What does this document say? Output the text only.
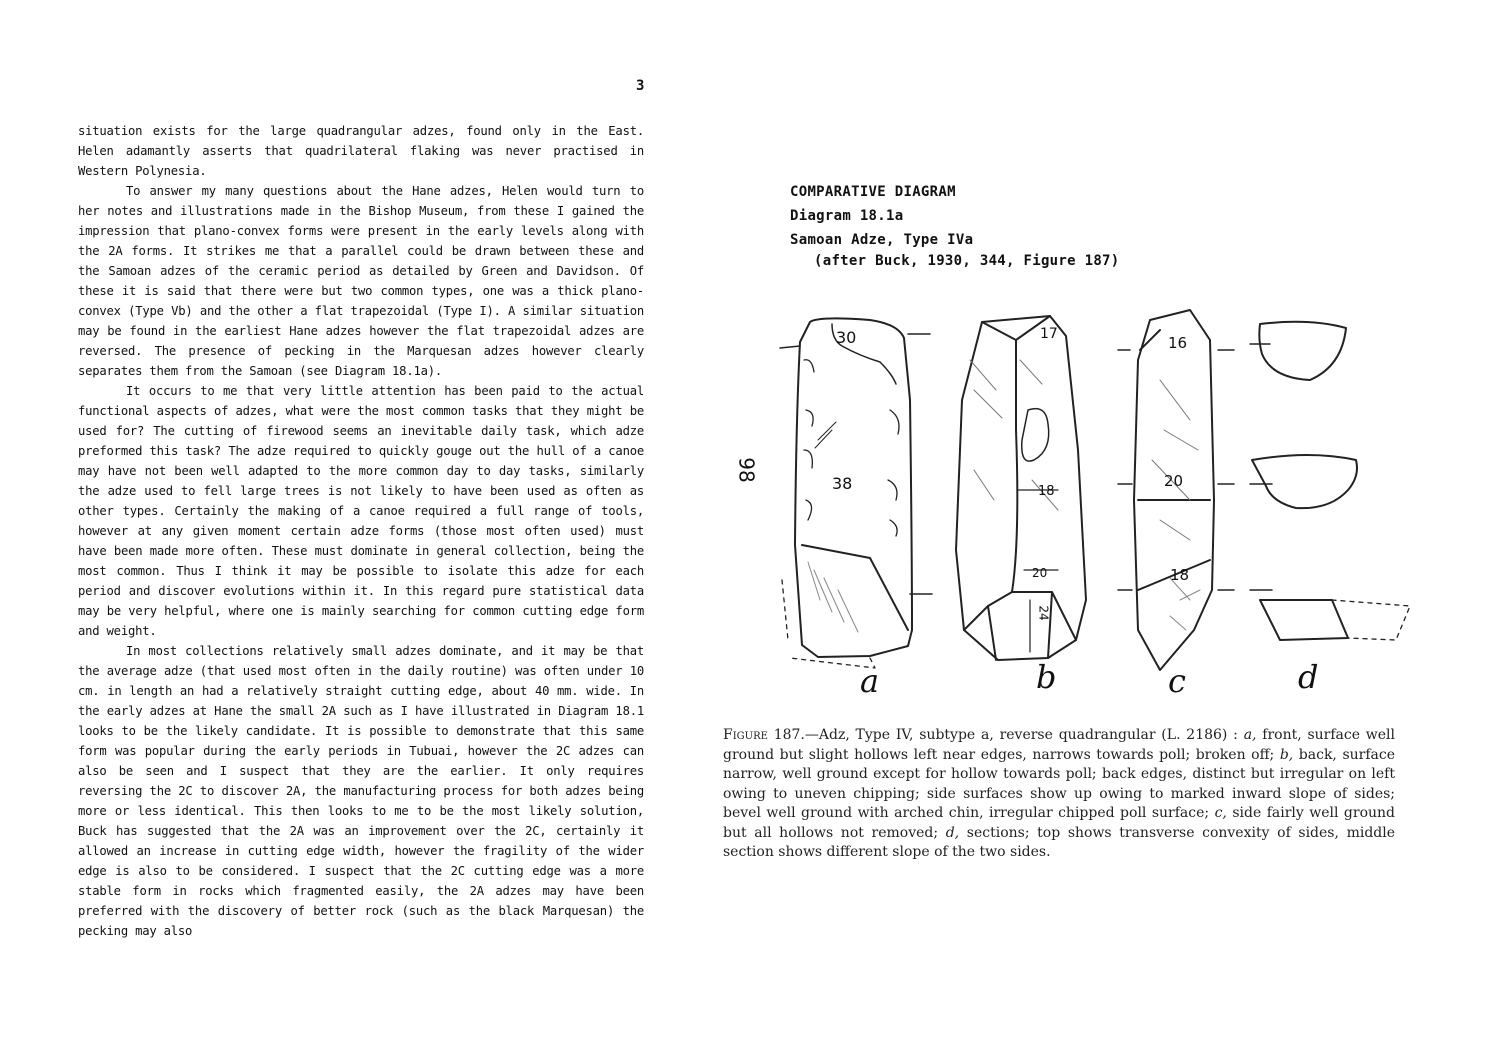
3

situation exists for the large quadrangular adzes, found only in the East. Helen adamantly asserts that quadrilateral flaking was never practised in Western Polynesia.

To answer my many questions about the Hane adzes, Helen would turn to her notes and illustrations made in the Bishop Museum, from these I gained the impression that plano-convex forms were present in the early levels along with the 2A forms. It strikes me that a parallel could be drawn between these and the Samoan adzes of the ceramic period as detailed by Green and Davidson. Of these it is said that there were but two common types, one was a thick plano-convex (Type Vb) and the other a flat trapezoidal (Type I). A similar situation may be found in the earliest Hane adzes however the flat trapezoidal adzes are reversed. The presence of pecking in the Marquesan adzes however clearly separates them from the Samoan (see Diagram 18.1a).

It occurs to me that very little attention has been paid to the actual functional aspects of adzes, what were the most common tasks that they might be used for? The cutting of firewood seems an inevitable daily task, which adze preformed this task? The adze required to quickly gouge out the hull of a canoe may have not been well adapted to the more common day to day tasks, similarly the adze used to fell large trees is not likely to have been used as often as other types. Certainly the making of a canoe required a full range of tools, however at any given moment certain adze forms (those most often used) must have been made more often. These must dominate in general collection, being the most common. Thus I think it may be possible to isolate this adze for each period and discover evolutions within it. In this regard pure statistical data may be very helpful, where one is mainly searching for common cutting edge form and weight.

In most collections relatively small adzes dominate, and it may be that the average adze (that used most often in the daily routine) was often under 10 cm. in length an had a relatively straight cutting edge, about 40 mm. wide. In the early adzes at Hane the small 2A such as I have illustrated in Diagram 18.1 looks to be the likely candidate. It is possible to demonstrate that this same form was popular during the early periods in Tubuai, however the 2C adzes can also be seen and I suspect that they are the earlier. It only requires reversing the 2C to discover 2A, the manufacturing process for both adzes being more or less identical. This then looks to me to be the most likely solution, Buck has suggested that the 2A was an improvement over the 2C, certainly it allowed an increase in cutting edge width, however the fragility of the wider edge is also to be considered. I suspect that the 2C cutting edge was a more stable form in rocks which fragmented easily, the 2A adzes may have been preferred with the discovery of better rock (such as the black Marquesan) the pecking may also

COMPARATIVE DIAGRAM
Diagram 18.1a
Samoan Adze, Type IVa
(after Buck, 1930, 344, Figure 187)
98
30
38
17
18
20
24
16
20
18
a	b	c	d
Figure 187.—Adz, Type IV, subtype a, reverse quadrangular (L. 2186) : a, front, surface well ground but slight hollows left near edges, narrows towards poll; broken off; b, back, surface narrow, well ground except for hollow towards poll; back edges, distinct but irregular on left owing to uneven chipping; side surfaces show up owing to marked inward slope of sides; bevel well ground with arched chin, irregular chipped poll surface; c, side fairly well ground but all hollows not removed; d, sections; top shows transverse convexity of sides, middle section shows different slope of the two sides.
